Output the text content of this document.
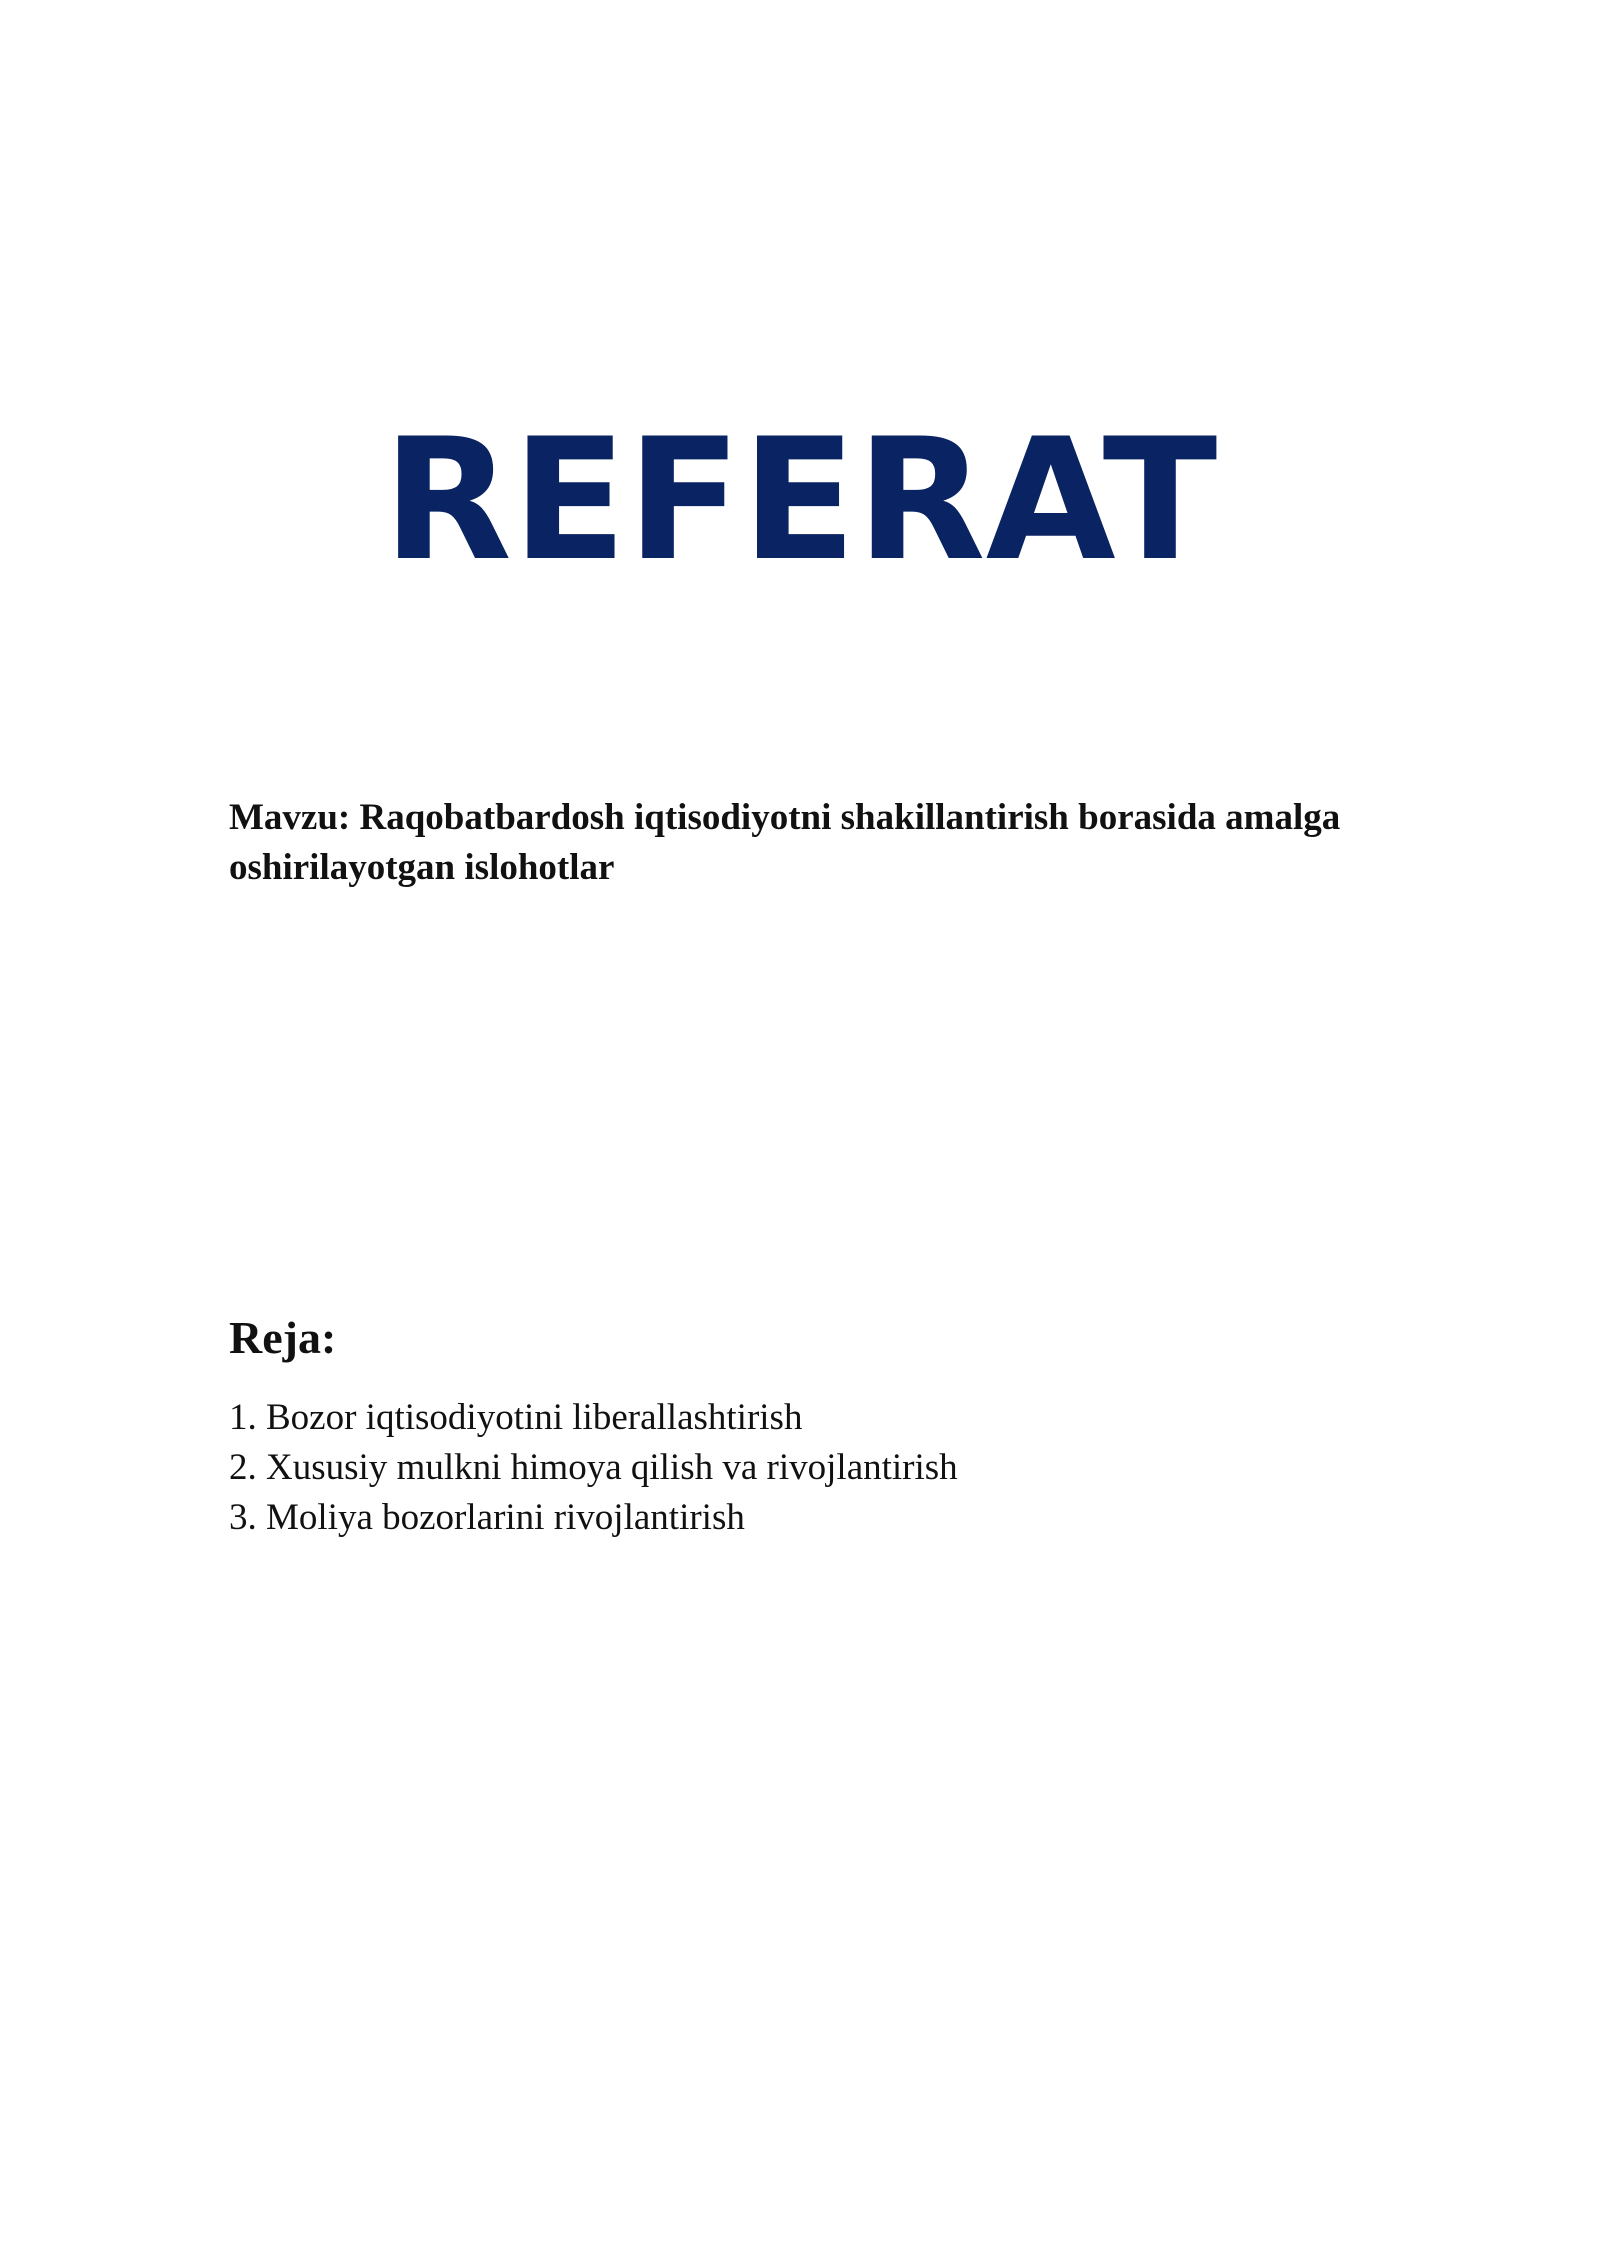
REFERAT
Mavzu: Raqobatbardosh iqtisodiyotni shakillantirish borasida amalga oshirilayotgan islohotlar
Reja:
1. Bozor iqtisodiyotini liberallashtirish
2. Xususiy mulkni himoya qilish va rivojlantirish
3. Moliya bozorlarini rivojlantirish
